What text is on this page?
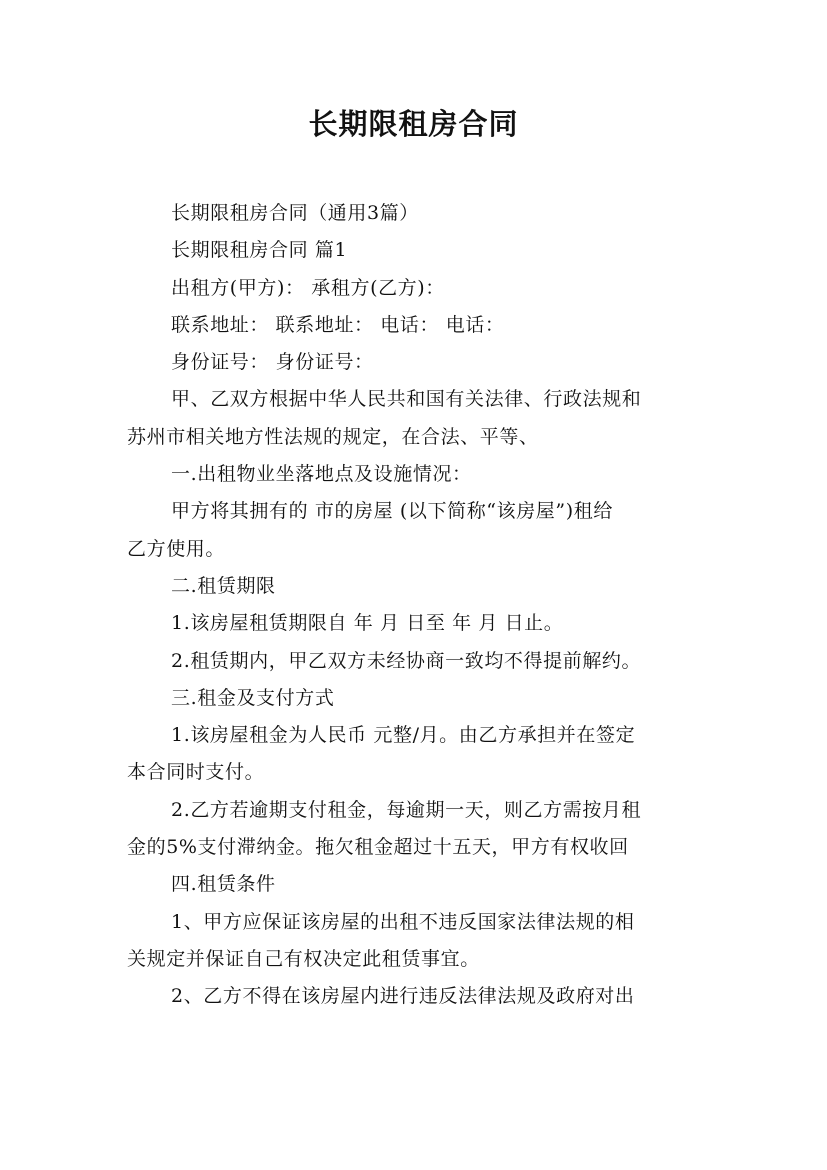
长期限租房合同
长期限租房合同（通用3篇）
长期限租房合同 篇1
出租方(甲方)： 承租方(乙方)：
联系地址： 联系地址： 电话： 电话：
身份证号： 身份证号：
甲、乙双方根据中华人民共和国有关法律、行政法规和
苏州市相关地方性法规的规定，在合法、平等、
一.出租物业坐落地点及设施情况：
甲方将其拥有的 市的房屋 (以下简称“该房屋”)租给
乙方使用。
二.租赁期限
1.该房屋租赁期限自 年 月 日至 年 月 日止。
2.租赁期内，甲乙双方未经协商一致均不得提前解约。
三.租金及支付方式
1.该房屋租金为人民币 元整/月。由乙方承担并在签定
本合同时支付。
2.乙方若逾期支付租金，每逾期一天，则乙方需按月租
金的5%支付滞纳金。拖欠租金超过十五天，甲方有权收回
四.租赁条件
1、甲方应保证该房屋的出租不违反国家法律法规的相
关规定并保证自己有权决定此租赁事宜。
2、乙方不得在该房屋内进行违反法律法规及政府对出
